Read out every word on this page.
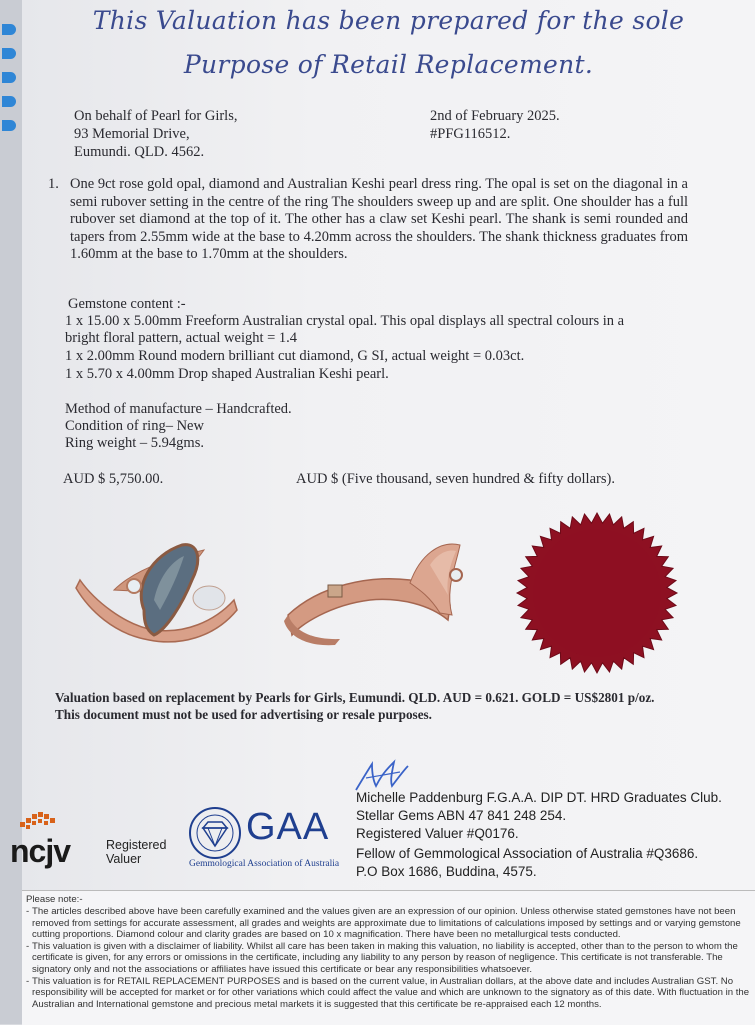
This Valuation has been prepared for the sole
Purpose of Retail Replacement.
On behalf of Pearl for Girls,
93 Memorial Drive,
Eumundi. QLD. 4562.
2nd of February 2025.
#PFG116512.
1. One 9ct rose gold opal, diamond and Australian Keshi pearl dress ring. The opal is set on the diagonal in a semi rubover setting in the centre of the ring The shoulders sweep up and are split. One shoulder has a full rubover set diamond at the top of it. The other has a claw set Keshi pearl. The shank is semi rounded and tapers from 2.55mm wide at the base to 4.20mm across the shoulders. The shank thickness graduates from 1.60mm at the base to 1.70mm at the shoulders.
Gemstone content :-
1 x 15.00 x 5.00mm Freeform Australian crystal opal. This opal displays all spectral colours in a
bright floral pattern, actual weight = 1.4
1 x 2.00mm Round modern brilliant cut diamond, G SI, actual weight = 0.03ct.
1 x 5.70 x 4.00mm Drop shaped Australian Keshi pearl.
Method of manufacture – Handcrafted.
Condition of ring– New
Ring weight – 5.94gms.
AUD $ 5,750.00.	AUD $ (Five thousand, seven hundred & fifty dollars).
Valuation based on replacement by Pearls for Girls, Eumundi. QLD. AUD = 0.621. GOLD = US$2801 p/oz.
This document must not be used for advertising or resale purposes.
ncjv	Registered
Valuer
GAA
Gemmological Association of Australia
Michelle Paddenburg F.G.A.A. DIP DT. HRD Graduates Club.
Stellar Gems ABN 47 841 248 254.
Registered Valuer #Q0176.
Fellow of Gemmological Association of Australia #Q3686.
P.O Box 1686, Buddina, 4575.
Please note:-
- The articles described above have been carefully examined and the values given are an expression of our opinion. Unless otherwise stated gemstones have not been removed from settings for accurate assessment, all grades and weights are approximate due to limitations of calculations imposed by settings and or varying gemstone cutting proportions. Diamond colour and clarity grades are based on 10 x magnification. There have been no metallurgical tests conducted.
- This valuation is given with a disclaimer of liability. Whilst all care has been taken in making this valuation, no liability is accepted, other than to the person to whom the certificate is given, for any errors or omissions in the certificate, including any liability to any person by reason of negligence. This certificate is not transferable. The signatory only and not the associations or affiliates have issued this certificate or bear any responsibilities whatsoever.
- This valuation is for RETAIL REPLACEMENT PURPOSES and is based on the current value, in Australian dollars, at the above date and includes Australian GST. No responsibility will be accepted for market or for other variations which could affect the value and which are unknown to the signatory as of this date. With fluctuation in the Australian and International gemstone and precious metal markets it is suggested that this certificate be re-appraised each 12 months.
